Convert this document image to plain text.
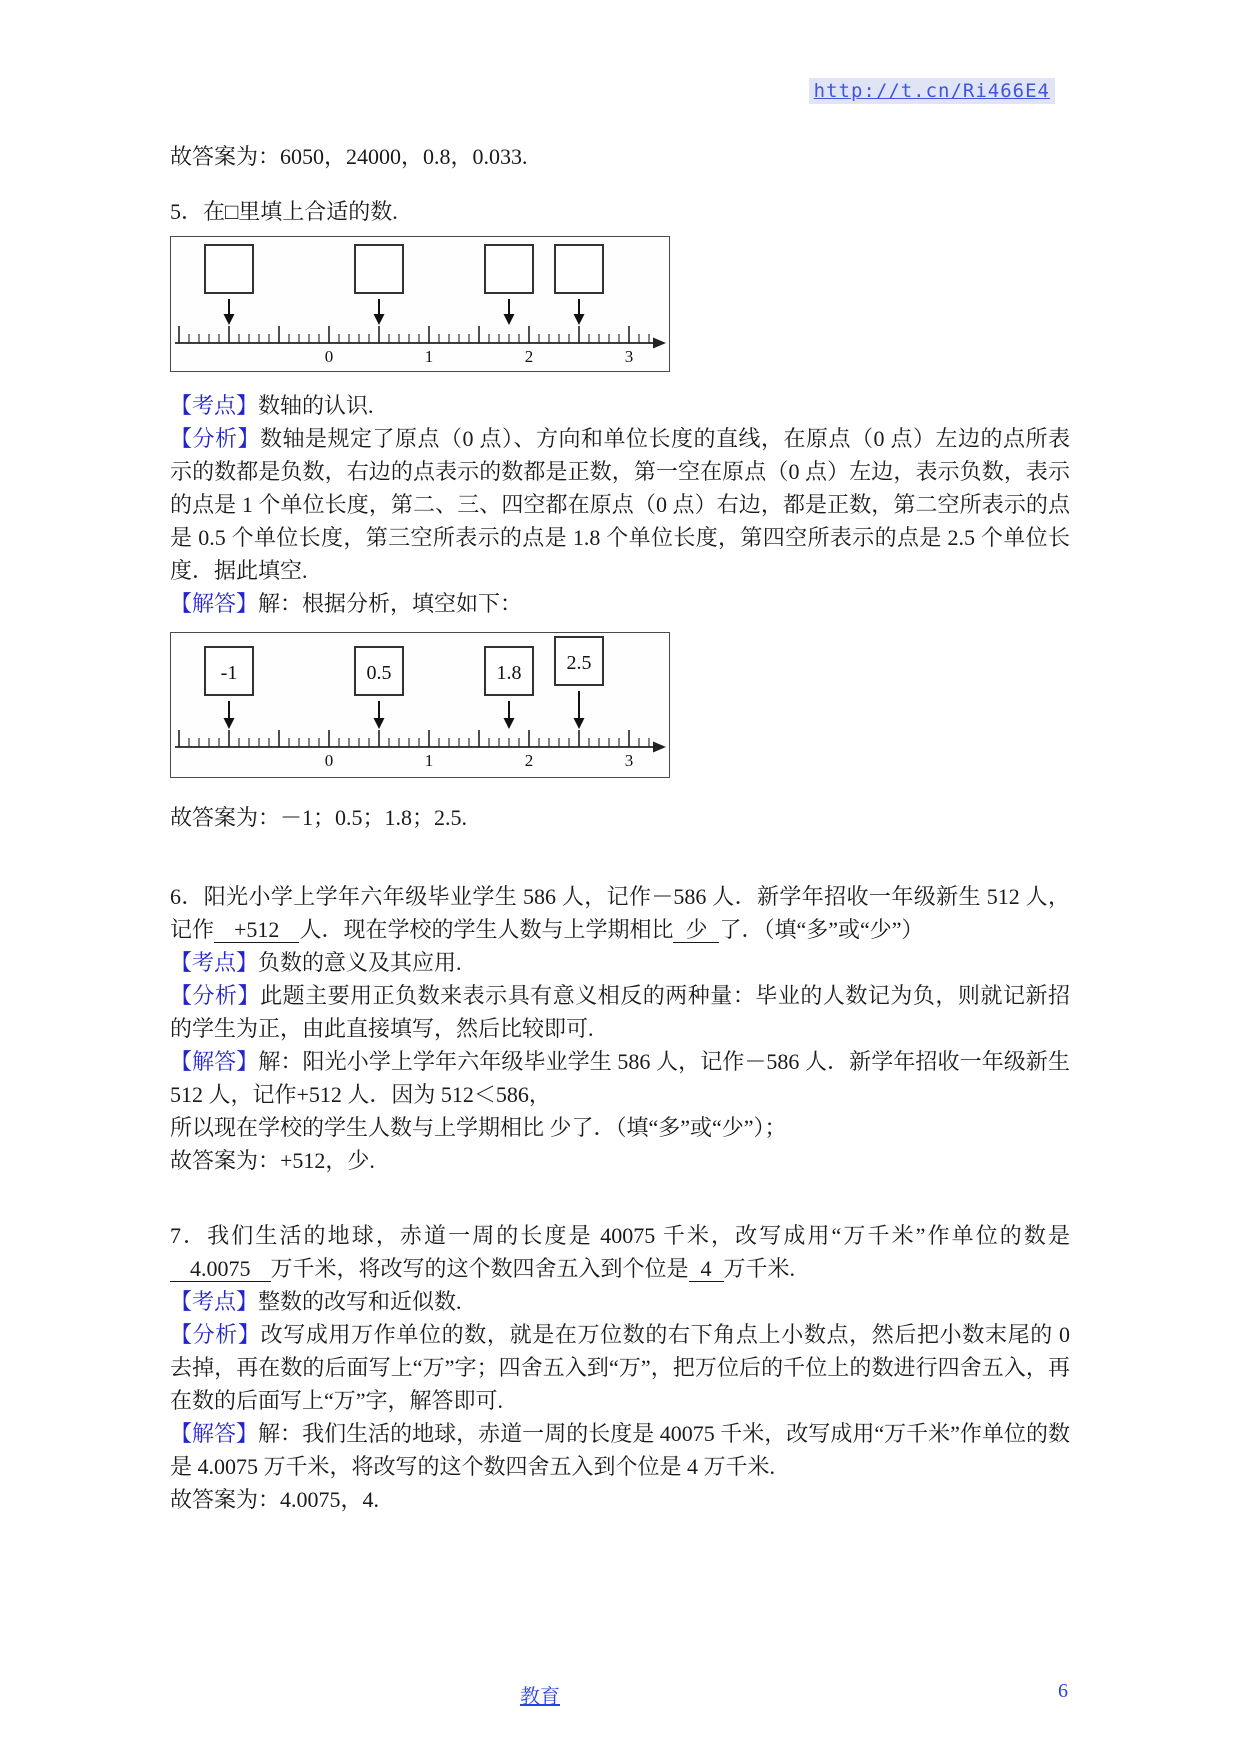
http://t.cn/Ri466E4

故答案为：6050，24000，0.8，0.033.

5．在□里填上合适的数.

0	1	2	3

【考点】数轴的认识.

【分析】数轴是规定了原点（0 点）、方向和单位长度的直线，在原点（0 点）左边的点所表示的数都是负数，右边的点表示的数都是正数，第一空在原点（0 点）左边，表示负数，表示的点是 1 个单位长度，第二、三、四空都在原点（0 点）右边，都是正数，第二空所表示的点是 0.5 个单位长度，第三空所表示的点是 1.8 个单位长度，第四空所表示的点是 2.5 个单位长度．据此填空.

【解答】解：根据分析，填空如下：

0	1	2	3
-1	0.5	1.8 2.5

故答案为：－1；0.5；1.8；2.5.

6．阳光小学上学年六年级毕业学生 586 人，记作－586 人．新学年招收一年级新生 512 人，记作 +512 人．现在学校的学生人数与上学期相比 少 了．（填“多”或“少”）

【考点】负数的意义及其应用.

【分析】此题主要用正负数来表示具有意义相反的两种量：毕业的人数记为负，则就记新招的学生为正，由此直接填写，然后比较即可.

【解答】解：阳光小学上学年六年级毕业学生 586 人，记作－586 人．新学年招收一年级新生 512 人，记作+512 人．因为 512＜586，

所以现在学校的学生人数与上学期相比 少了．（填“多”或“少”）；

故答案为：+512，少.

7．我们生活的地球，赤道一周的长度是 40075 千米，改写成用“万千米”作单位的数是4.0075 万千米，将改写的这个数四舍五入到个位是 4 万千米.

【考点】整数的改写和近似数.

【分析】改写成用万作单位的数，就是在万位数的右下角点上小数点，然后把小数末尾的 0 去掉，再在数的后面写上“万”字；四舍五入到“万”，把万位后的千位上的数进行四舍五入，再在数的后面写上“万”字，解答即可.

【解答】解：我们生活的地球，赤道一周的长度是 40075 千米，改写成用“万千米”作单位的数是 4.0075 万千米，将改写的这个数四舍五入到个位是 4 万千米.

故答案为：4.0075，4.

教育	6
